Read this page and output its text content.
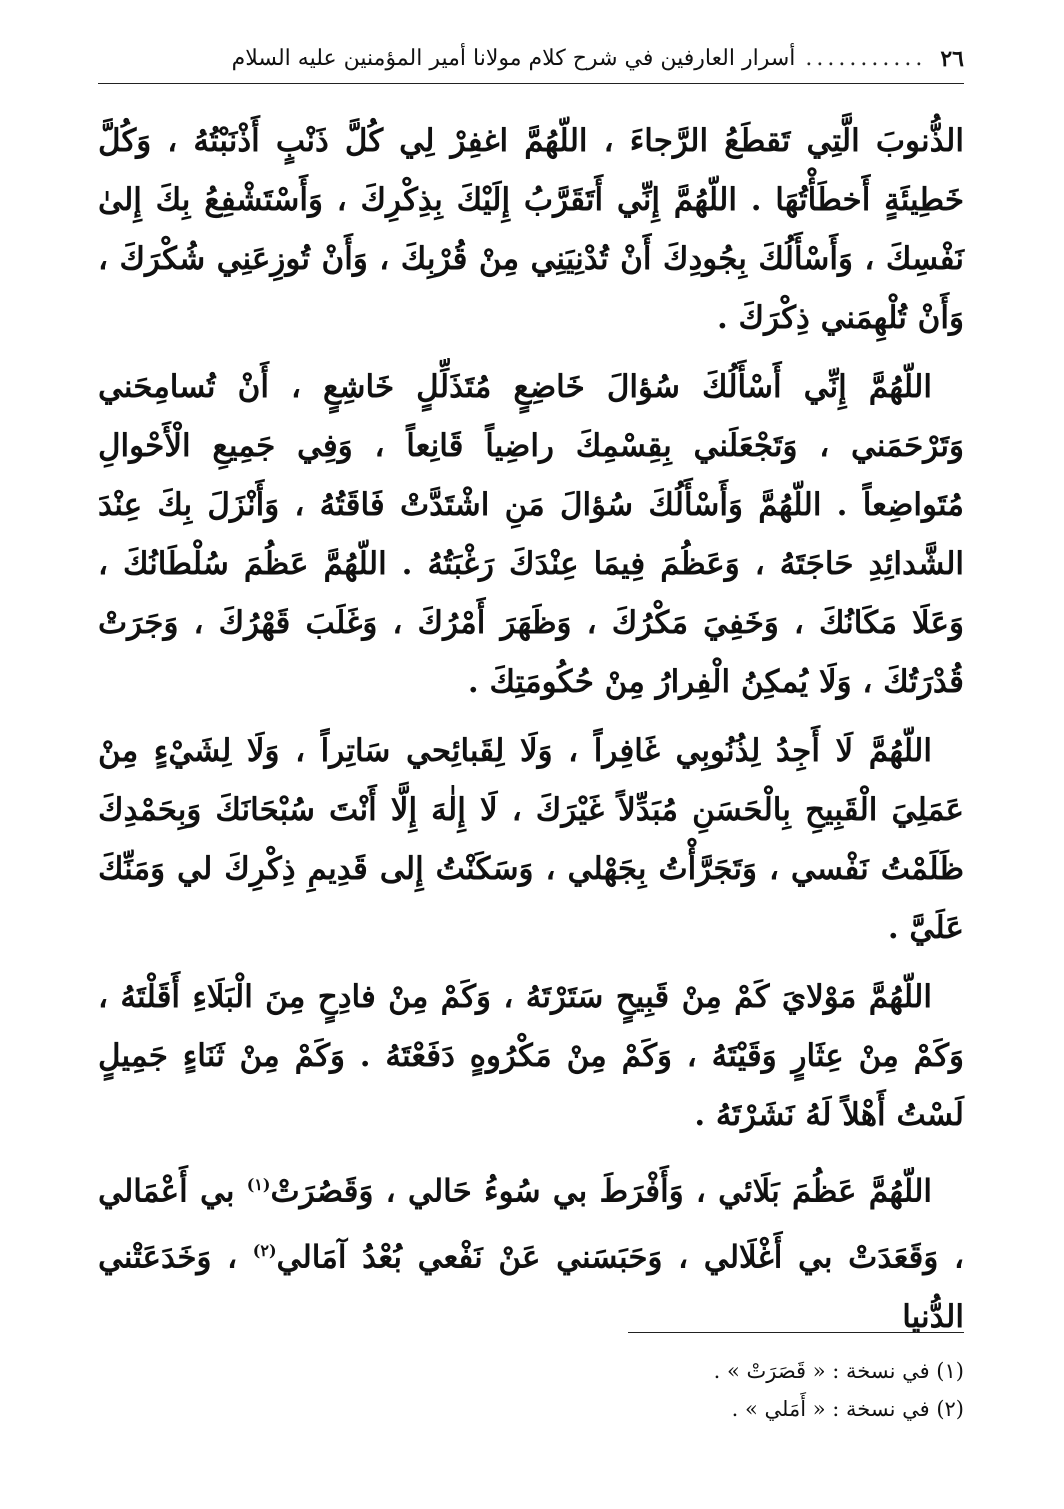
٢٦
...........
أسرار العارفين في شرح كلام مولانا أمير المؤمنين عليه السلام

الذُّنوبَ الَّتِي تَقطَعُ الرَّجاءَ ، اللّهُمَّ اغفِرْ لِي كُلَّ ذَنْبٍ أَذْنَبْتُهُ ، وَكُلَّ خَطِيئَةٍ أَخطَأْتُهَا . اللّهُمَّ إِنِّي أَتَقَرَّبُ إِلَيْكَ بِذِكْرِكَ ، وَأَسْتَشْفِعُ بِكَ إِلىٰ نَفْسِكَ ، وَأَسْأَلُكَ بِجُودِكَ أَنْ تُدْنِيَنِي مِنْ قُرْبِكَ ، وَأَنْ تُوزِعَنِي شُكْرَكَ ، وَأَنْ تُلْهِمَني ذِكْرَكَ .

اللّهُمَّ إِنِّي أَسْأَلُكَ سُؤالَ خَاضِعٍ مُتَذَلِّلٍ خَاشِعٍ ، أَنْ تُسامِحَني وَتَرْحَمَني ، وَتَجْعَلَني بِقِسْمِكَ راضِياً قَانِعاً ، وَفِي جَمِيعِ الْأَحْوالِ مُتَواضِعاً . اللّهُمَّ وَأَسْأَلُكَ سُؤالَ مَنِ اشْتَدَّتْ فَاقَتُهُ ، وَأَنْزَلَ بِكَ عِنْدَ الشَّدائِدِ حَاجَتَهُ ، وَعَظُمَ فِيمَا عِنْدَكَ رَغْبَتُهُ . اللّهُمَّ عَظُمَ سُلْطَانُكَ ، وَعَلَا مَكَانُكَ ، وَخَفِيَ مَكْرُكَ ، وَظَهَرَ أَمْرُكَ ، وَغَلَبَ قَهْرُكَ ، وَجَرَتْ قُدْرَتُكَ ، وَلَا يُمكِنُ الْفِرارُ مِنْ حُكُومَتِكَ .

اللّهُمَّ لَا أَجِدُ لِذُنُوبِي غَافِراً ، وَلَا لِقَبائِحي سَاتِراً ، وَلَا لِشَيْءٍ مِنْ عَمَلِيَ الْقَبِيحِ بِالْحَسَنِ مُبَدِّلاً غَيْرَكَ ، لَا إِلٰهَ إِلَّا أَنْتَ سُبْحَانَكَ وَبِحَمْدِكَ ظَلَمْتُ نَفْسي ، وَتَجَرَّأْتُ بِجَهْلي ، وَسَكَنْتُ إِلى قَدِيمِ ذِكْرِكَ لي وَمَنِّكَ عَلَيَّ .

اللّهُمَّ مَوْلايَ كَمْ مِنْ قَبِيحٍ سَتَرْتَهُ ، وَكَمْ مِنْ فادِحٍ مِنَ الْبَلَاءِ أَقَلْتَهُ ، وَكَمْ مِنْ عِثَارٍ وَقَيْتَهُ ، وَكَمْ مِنْ مَكْرُوهٍ دَفَعْتَهُ . وَكَمْ مِنْ ثَنَاءٍ جَمِيلٍ لَسْتُ أَهْلاً لَهُ نَشَرْتَهُ .

اللّهُمَّ عَظُمَ بَلَائي ، وَأَفْرَطَ بي سُوءُ حَالي ، وَقَصُرَتْ$^{(١)}$ بي أَعْمَالي ، وَقَعَدَتْ بي أَغْلَالي ، وَحَبَسَني عَنْ نَفْعي بُعْدُ آمَالي$^{(٢)}$ ، وَخَدَعَتْني الدُّنيا

(١) في نسخة : « قَصَرَتْ » .
(٢) في نسخة : « أَمَلي » .
